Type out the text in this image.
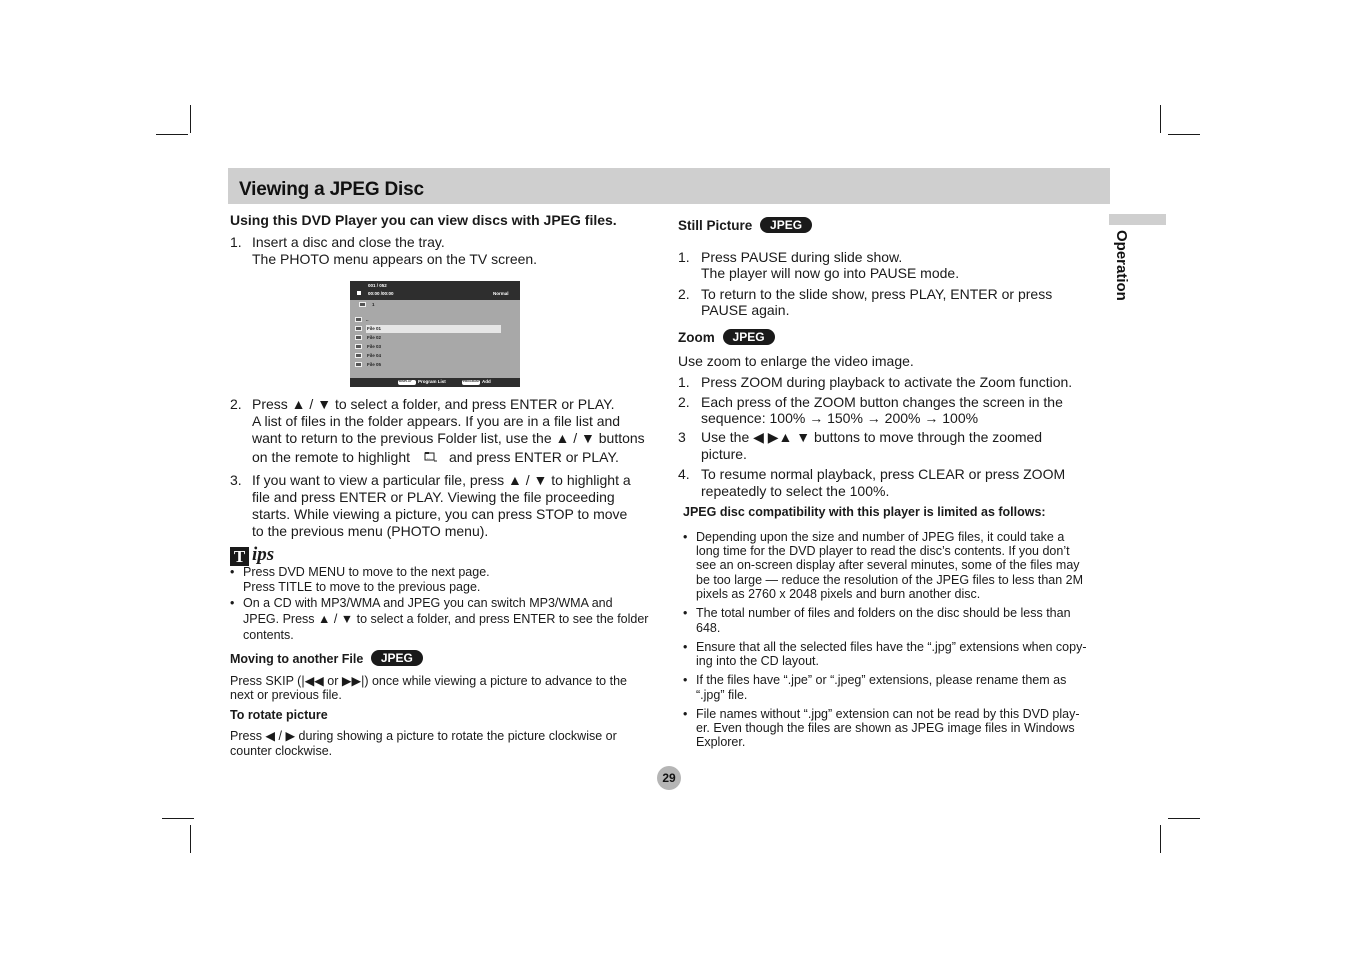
Viewing a JPEG Disc
Operation
Using this DVD Player you can view discs with JPEG files.
1. Insert a disc and close the tray.
The PHOTO menu appears on the TV screen.
001 / 052
00:00 /00:00	Normal
1
..
File 01
File 02
File 03
File 04
File 05
DISPLAY Program List	PROGRAM Add
2. Press ▲ / ▼ to select a folder, and press ENTER or PLAY.
A list of files in the folder appears. If you are in a file list and
want to return to the previous Folder list, use the ▲ / ▼ buttons
on the remote to highlight	.. and press ENTER or PLAY.
3. If you want to view a particular file, press ▲ / ▼ to highlight a
file and press ENTER or PLAY. Viewing the file proceeding
starts. While viewing a picture, you can press STOP to move
to the previous menu (PHOTO menu).
T ips
• Press DVD MENU to move to the next page.
Press TITLE to move to the previous page.
• On a CD with MP3/WMA and JPEG you can switch MP3/WMA and
JPEG. Press ▲ / ▼ to select a folder, and press ENTER to see the folder
contents.
Moving to another File JPEG
Press SKIP (|◀◀ or ▶▶|) once while viewing a picture to advance to the
next or previous file.
To rotate picture
Press ◀ / ▶ during showing a picture to rotate the picture clockwise or
counter clockwise.
Still Picture JPEG
1. Press PAUSE during slide show.
The player will now go into PAUSE mode.
2. To return to the slide show, press PLAY, ENTER or press
PAUSE again.
Zoom JPEG
Use zoom to enlarge the video image.
1. Press ZOOM during playback to activate the Zoom function.
2. Each press of the ZOOM button changes the screen in the
sequence: 100% → 150% → 200% → 100%
3 Use the ◀ ▶▲ ▼ buttons to move through the zoomed
picture.
4. To resume normal playback, press CLEAR or press ZOOM
repeatedly to select the 100%.
JPEG disc compatibility with this player is limited as follows:
• Depending upon the size and number of JPEG files, it could take a
long time for the DVD player to read the disc’s contents. If you don’t
see an on-screen display after several minutes, some of the files may
be too large — reduce the resolution of the JPEG files to less than 2M
pixels as 2760 x 2048 pixels and burn another disc.
• The total number of files and folders on the disc should be less than
648.
• Ensure that all the selected files have the “.jpg” extensions when copy-
ing into the CD layout.
• If the files have “.jpe” or “.jpeg” extensions, please rename them as
“.jpg” file.
• File names without “.jpg” extension can not be read by this DVD play-
er. Even though the files are shown as JPEG image files in Windows
Explorer.
29
